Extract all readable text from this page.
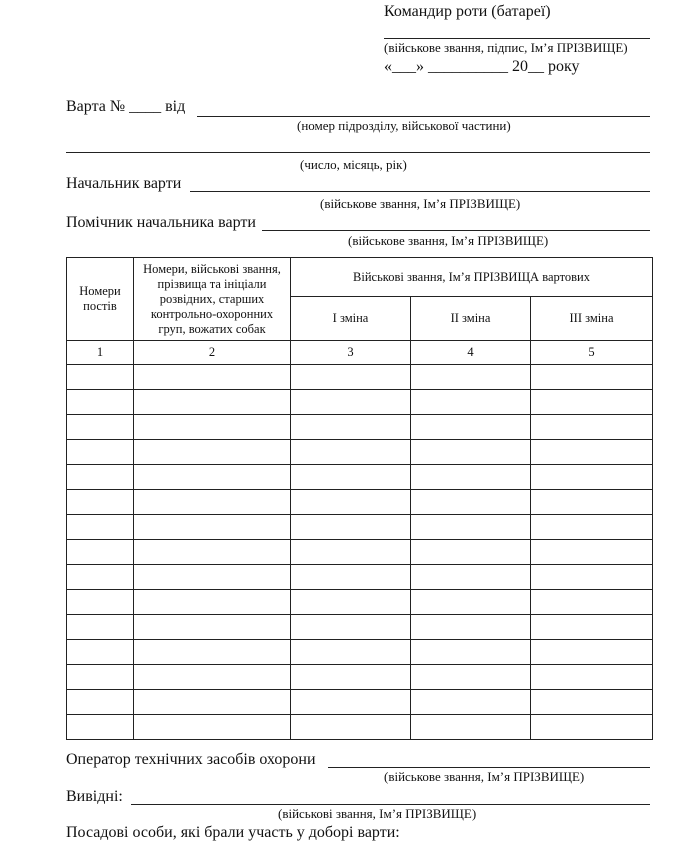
Командир роти (батареї)
(військове звання, підпис, Ім’я ПРІЗВИЩЕ)
«___» __________ 20__ року
Варта № ____ від
(номер підрозділу, військової частини)
(число, місяць, рік)
Начальник варти
(військове звання, Ім’я ПРІЗВИЩЕ)
Помічник начальника варти
(військове звання, Ім’я ПРІЗВИЩЕ)
Номери постів	Номери, військові звання, прізвища та ініціали розвідних, старших контрольно-охоронних груп, вожатих собак	Військові звання, Ім’я ПРІЗВИЩА вартових		
		I зміна	II зміна	III зміна
1	2	3	4	5

Оператор технічних засобів охорони
(військове звання, Ім’я ПРІЗВИЩЕ)
Вивідні:
(військові звання, Ім’я ПРІЗВИЩЕ)
Посадові особи, які брали участь у доборі варти:
